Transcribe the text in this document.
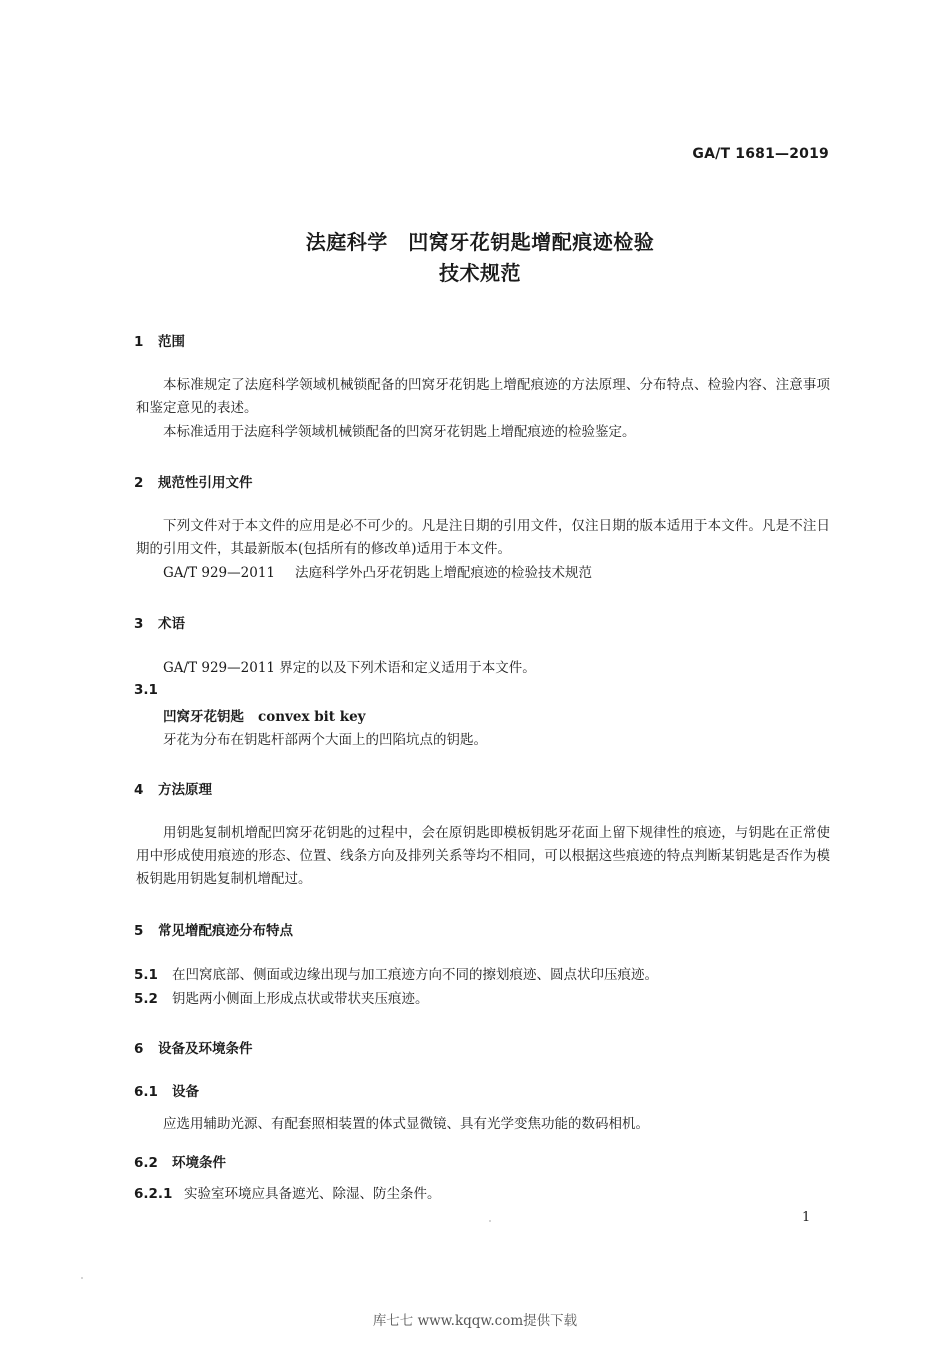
GA/T 1681—2019
法庭科学　凹窝牙花钥匙增配痕迹检验
技术规范
1 范围
本标准规定了法庭科学领域机械锁配备的凹窝牙花钥匙上增配痕迹的方法原理、分布特点、检验内容、注意事项和鉴定意见的表述。
本标准适用于法庭科学领域机械锁配备的凹窝牙花钥匙上增配痕迹的检验鉴定。
2 规范性引用文件
下列文件对于本文件的应用是必不可少的。凡是注日期的引用文件，仅注日期的版本适用于本文件。凡是不注日期的引用文件，其最新版本(包括所有的修改单)适用于本文件。
GA/T 929—2011 法庭科学外凸牙花钥匙上增配痕迹的检验技术规范
3 术语
GA/T 929—2011 界定的以及下列术语和定义适用于本文件。
3.1
凹窝牙花钥匙 convex bit key
牙花为分布在钥匙杆部两个大面上的凹陷坑点的钥匙。
4 方法原理
用钥匙复制机增配凹窝牙花钥匙的过程中，会在原钥匙即模板钥匙牙花面上留下规律性的痕迹，与钥匙在正常使用中形成使用痕迹的形态、位置、线条方向及排列关系等均不相同，可以根据这些痕迹的特点判断某钥匙是否作为模板钥匙用钥匙复制机增配过。
5 常见增配痕迹分布特点
5.1 在凹窝底部、侧面或边缘出现与加工痕迹方向不同的擦划痕迹、圆点状印压痕迹。
5.2 钥匙两小侧面上形成点状或带状夹压痕迹。
6 设备及环境条件
6.1 设备
应选用辅助光源、有配套照相装置的体式显微镜、具有光学变焦功能的数码相机。
6.2 环境条件
6.2.1 实验室环境应具备遮光、除湿、防尘条件。
1
库七七 www.kqqw.com提供下载
